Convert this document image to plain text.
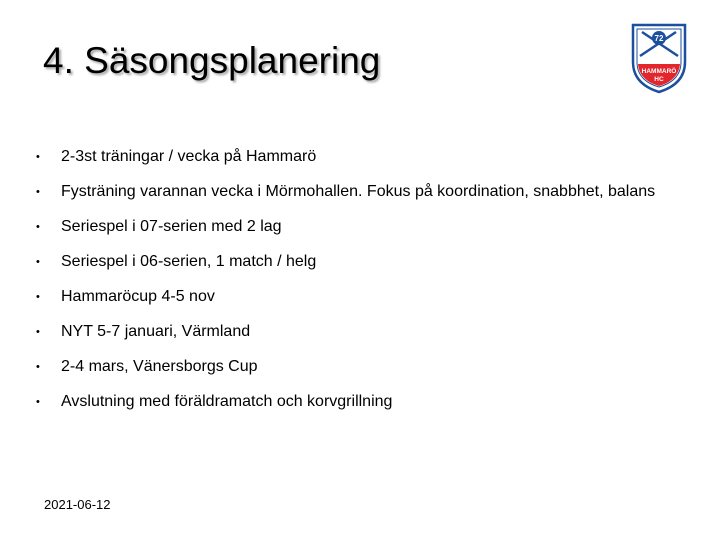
4. Säsongsplanering
72
HAMMARÖ
HC
•	2-3st träningar / vecka på Hammarö
•	Fysträning varannan vecka i Mörmohallen. Fokus på koordination, snabbhet, balans
•	Seriespel i 07-serien med 2 lag
•	Seriespel i 06-serien, 1 match / helg
•	Hammaröcup 4-5 nov
•	NYT 5-7 januari, Värmland
•	2-4 mars, Vänersborgs Cup
•	Avslutning med föräldramatch och korvgrillning
2021-06-12
